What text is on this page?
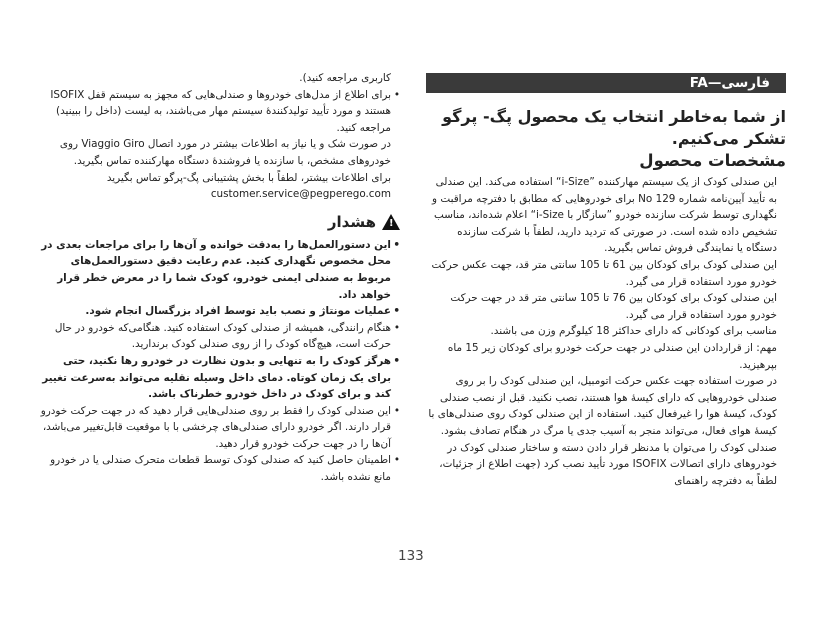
فارسی—FA
از شما به‌خاطر انتخاب یک محصول پگ- پرگو تشکر می‌کنیم.
مشخصات محصول
این صندلی کودک از یک سیستم مهارکننده ”i-Size“ استفاده می‌کند. این صندلی به تأیید آیین‌نامه شماره 129 No برای خودروهایی که مطابق با دفترچه مراقبت و نگهداری توسط شرکت سازنده خودرو ”سازگار با i-Size“ اعلام شده‌اند، مناسب تشخیص داده شده است. در صورتی که تردید دارید، لطفاً با شرکت سازنده دستگاه یا نمایندگی فروش تماس بگیرید.
این صندلی کودک برای کودکان بین 61 تا 105 سانتی متر قد، جهت عکس حرکت خودرو مورد استفاده قرار می گیرد.
این صندلی کودک برای کودکان بین 76 تا 105 سانتی متر قد در جهت حرکت خودرو مورد استفاده قرار می گیرد.
مناسب برای کودکانی که دارای حداکثر 18 کیلوگرم وزن می باشند.
مهم: از قراردادن این صندلی در جهت حرکت خودرو برای کودکان زیر 15 ماه بپرهیزید.
در صورت استفاده جهت عکس حرکت اتومبیل، این صندلی کودک را بر روی صندلی خودروهایی که دارای کیسهٔ هوا هستند، نصب نکنید. قبل از نصب صندلی کودک، کیسهٔ هوا را غیرفعال کنید. استفاده از این صندلی کودک روی صندلی‌های با کیسهٔ هوای فعال، می‌تواند منجر به آسیب جدی یا مرگ در هنگام تصادف بشود.
صندلی کودک را می‌توان با مدنظر قرار دادن دسته و ساختار صندلی کودک در خودروهای دارای اتصالات ISOFIX مورد تأیید نصب کرد (جهت اطلاع از جزئیات، لطفاً به دفترچه راهنمای
کاربری مراجعه کنید).
• برای اطلاع از مدل‌های خودروها و صندلی‌هایی که مجهز به سیستم قفل ISOFIX هستند و مورد تأیید تولیدکنندهٔ سیستم مهار می‌باشند، به لیست (داخل را ببینید) مراجعه کنید.
در صورت شک و یا نیاز به اطلاعات بیشتر در مورد اتصال Viaggio Giro روی خودروهای مشخص، با سازنده یا فروشندهٔ دستگاه مهارکننده تماس بگیرید.
برای اطلاعات بیشتر، لطفاً با بخش پشتیبانی پگ-پرگو تماس بگیرید customer.service@pegperego.com
!
هشدار
• این دستورالعمل‌ها را به‌دقت خوانده و آن‌ها را برای مراجعات بعدی در محل مخصوص نگهداری کنید. عدم رعایت دقیق دستورالعمل‌های مربوط به صندلی ایمنی خودرو، کودک شما را در معرض خطر قرار خواهد داد.
• عملیات مونتاژ و نصب باید توسط افراد بزرگسال انجام شود.
• هنگام رانندگی، همیشه از صندلی کودک استفاده کنید. هنگامی‌که خودرو در حال حرکت است، هیچ‌گاه کودک را از روی صندلی کودک برندارید.
• هرگز کودک را به تنهایی و بدون نظارت در خودرو رها نکنید، حتی برای یک زمان کوتاه. دمای داخل وسیله نقلیه می‌تواند به‌سرعت تغییر کند و برای کودک در داخل خودرو خطرناک باشد.
• این صندلی کودک را فقط بر روی صندلی‌هایی قرار دهید که در جهت حرکت خودرو قرار دارند. اگر خودرو دارای صندلی‌های چرخشی با با موقعیت قابل‌تغییر می‌باشد، آن‌ها را در جهت حرکت خودرو قرار دهید.
• اطمینان حاصل کنید که صندلی کودک توسط قطعات متحرک صندلی یا در خودرو مانع نشده باشد.
133
